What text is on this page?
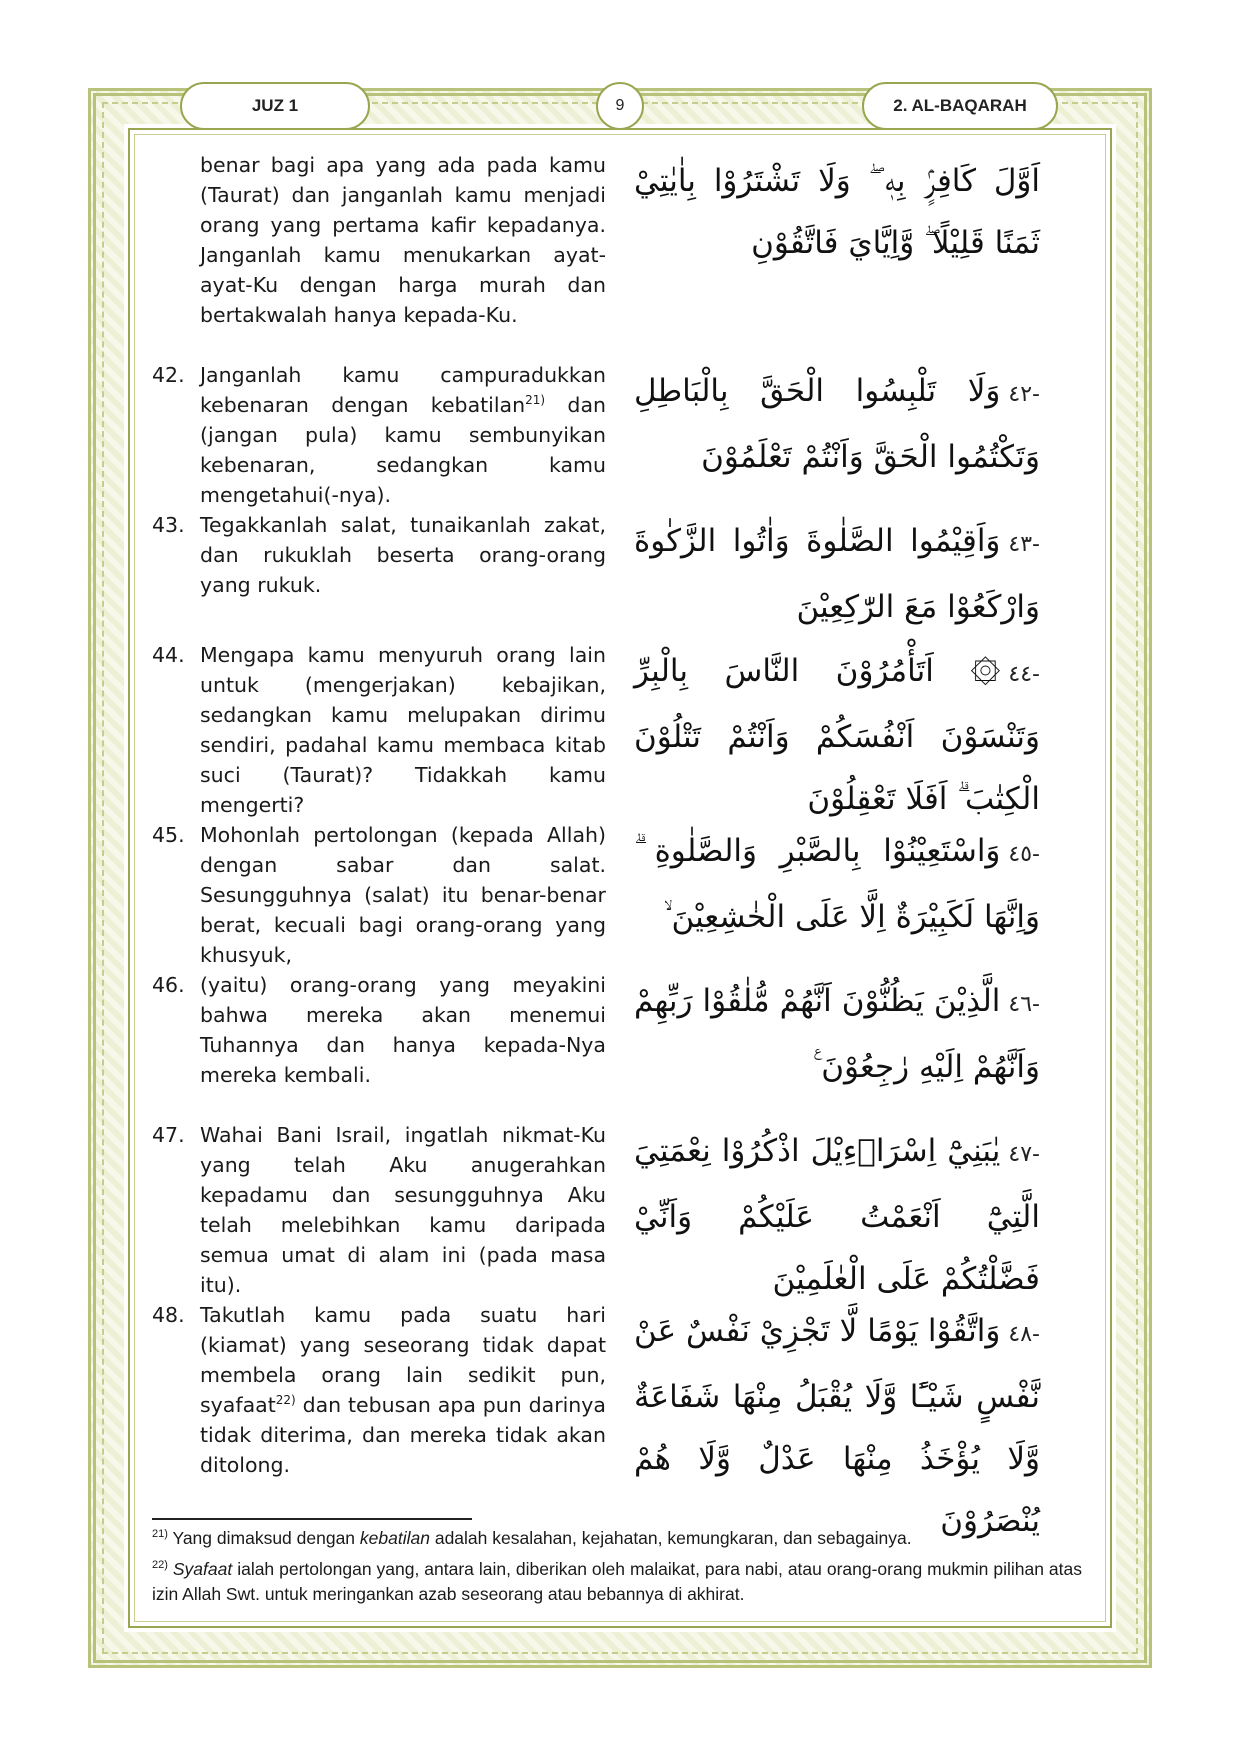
JUZ 1	9	2. AL-BAQARAH
benar bagi apa yang ada pada kamu (Taurat) dan janganlah kamu menjadi orang yang pertama kafir kepadanya. Janganlah kamu menukarkan ayat-ayat-Ku dengan harga murah dan bertakwalah hanya kepada-Ku.
اَوَّلَ كَافِرٍۢ بِهٖ ۖ وَلَا تَشْتَرُوْا بِاٰيٰتِيْ ثَمَنًا قَلِيْلًا ۖ وَّاِيَّايَ فَاتَّقُوْنِ
42. Janganlah kamu campuradukkan kebenaran dengan kebatilan$^{21)}$ dan (jangan pula) kamu sembunyikan kebenaran, sedangkan kamu mengetahui(-nya).
-٤٢وَلَا تَلْبِسُوا الْحَقَّ بِالْبَاطِلِ وَتَكْتُمُوا الْحَقَّ وَاَنْتُمْ تَعْلَمُوْنَ
43. Tegakkanlah salat, tunaikanlah zakat, dan rukuklah beserta orang-orang yang rukuk.
-٤٣وَاَقِيْمُوا الصَّلٰوةَ وَاٰتُوا الزَّكٰوةَ وَارْكَعُوْا مَعَ الرّٰكِعِيْنَ
44. Mengapa kamu menyuruh orang lain untuk (mengerjakan) kebajikan, sedangkan kamu melupakan dirimu sendiri, padahal kamu membaca kitab suci (Taurat)? Tidakkah kamu mengerti?
-٤٤۞ اَتَأْمُرُوْنَ النَّاسَ بِالْبِرِّ وَتَنْسَوْنَ اَنْفُسَكُمْ وَاَنْتُمْ تَتْلُوْنَ الْكِتٰبَ ۗ اَفَلَا تَعْقِلُوْنَ
45. Mohonlah pertolongan (kepada Allah) dengan sabar dan salat. Sesungguhnya (salat) itu benar-benar berat, kecuali bagi orang-orang yang khusyuk,
-٤٥وَاسْتَعِيْنُوْا بِالصَّبْرِ وَالصَّلٰوةِ ۗ وَاِنَّهَا لَكَبِيْرَةٌ اِلَّا عَلَى الْخٰشِعِيْنَ ۙ
46. (yaitu) orang-orang yang meyakini bahwa mereka akan menemui Tuhannya dan hanya kepada-Nya mereka kembali.
-٤٦الَّذِيْنَ يَظُنُّوْنَ اَنَّهُمْ مُّلٰقُوْا رَبِّهِمْ وَاَنَّهُمْ اِلَيْهِ رٰجِعُوْنَ ࣖ
47. Wahai Bani Israil, ingatlah nikmat-Ku yang telah Aku anugerahkan kepadamu dan sesungguhnya Aku telah melebihkan kamu daripada semua umat di alam ini (pada masa itu).
-٤٧يٰبَنِيْٓ اِسْرَاۤءِيْلَ اذْكُرُوْا نِعْمَتِيَ الَّتِيْٓ اَنْعَمْتُ عَلَيْكُمْ وَاَنِّيْ فَضَّلْتُكُمْ عَلَى الْعٰلَمِيْنَ
48. Takutlah kamu pada suatu hari (kiamat) yang seseorang tidak dapat membela orang lain sedikit pun, syafaat$^{22)}$ dan tebusan apa pun darinya tidak diterima, dan mereka tidak akan ditolong.
-٤٨وَاتَّقُوْا يَوْمًا لَّا تَجْزِيْ نَفْسٌ عَنْ نَّفْسٍ شَيْـًٔا وَّلَا يُقْبَلُ مِنْهَا شَفَاعَةٌ وَّلَا يُؤْخَذُ مِنْهَا عَدْلٌ وَّلَا هُمْ يُنْصَرُوْنَ

$^{21)}$ Yang dimaksud dengan kebatilan adalah kesalahan, kejahatan, kemungkaran, dan sebagainya.

$^{22)}$ Syafaat ialah pertolongan yang, antara lain, diberikan oleh malaikat, para nabi, atau orang-orang mukmin pilihan atas izin Allah Swt. untuk meringankan azab seseorang atau bebannya di akhirat.
